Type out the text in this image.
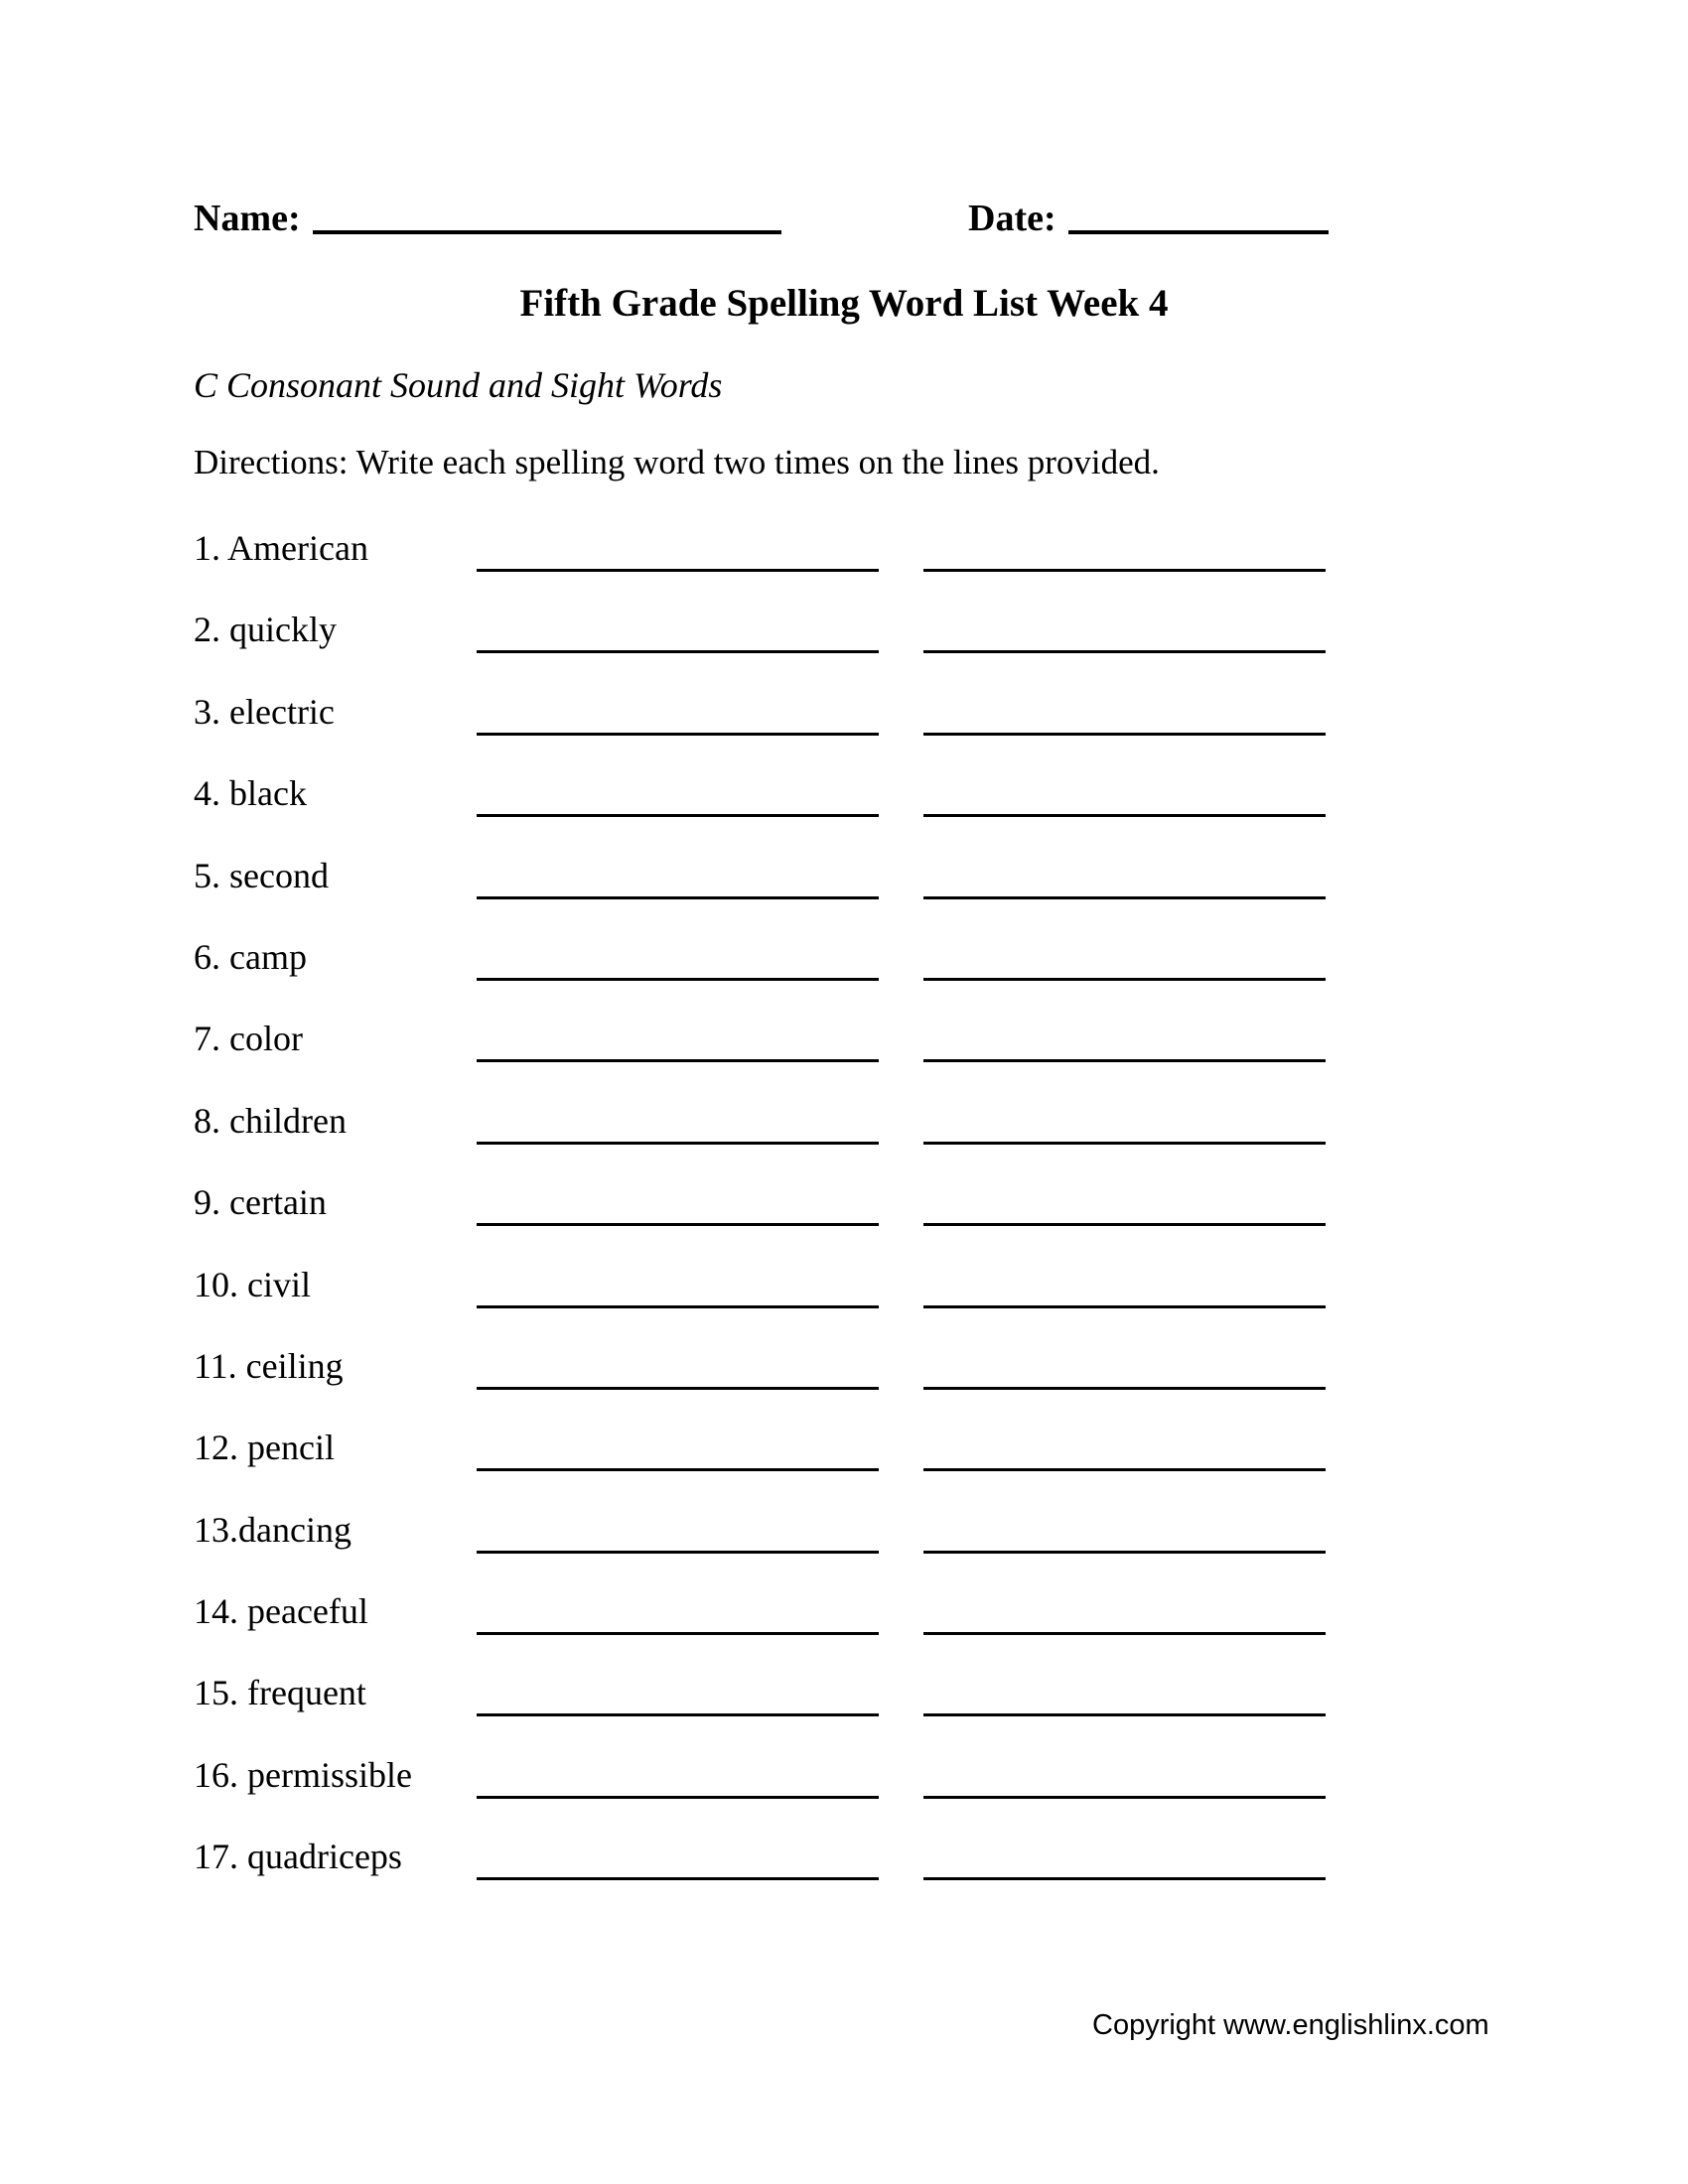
Name:	Date:
Fifth Grade Spelling Word List Week 4
C Consonant Sound and Sight Words
Directions: Write each spelling word two times on the lines provided.
1. American
2. quickly
3. electric
4. black
5. second
6. camp
7. color
8. children
9. certain
10. civil
11. ceiling
12. pencil
13.dancing
14. peaceful
15. frequent
16. permissible
17. quadriceps
Copyright www.englishlinx.com
